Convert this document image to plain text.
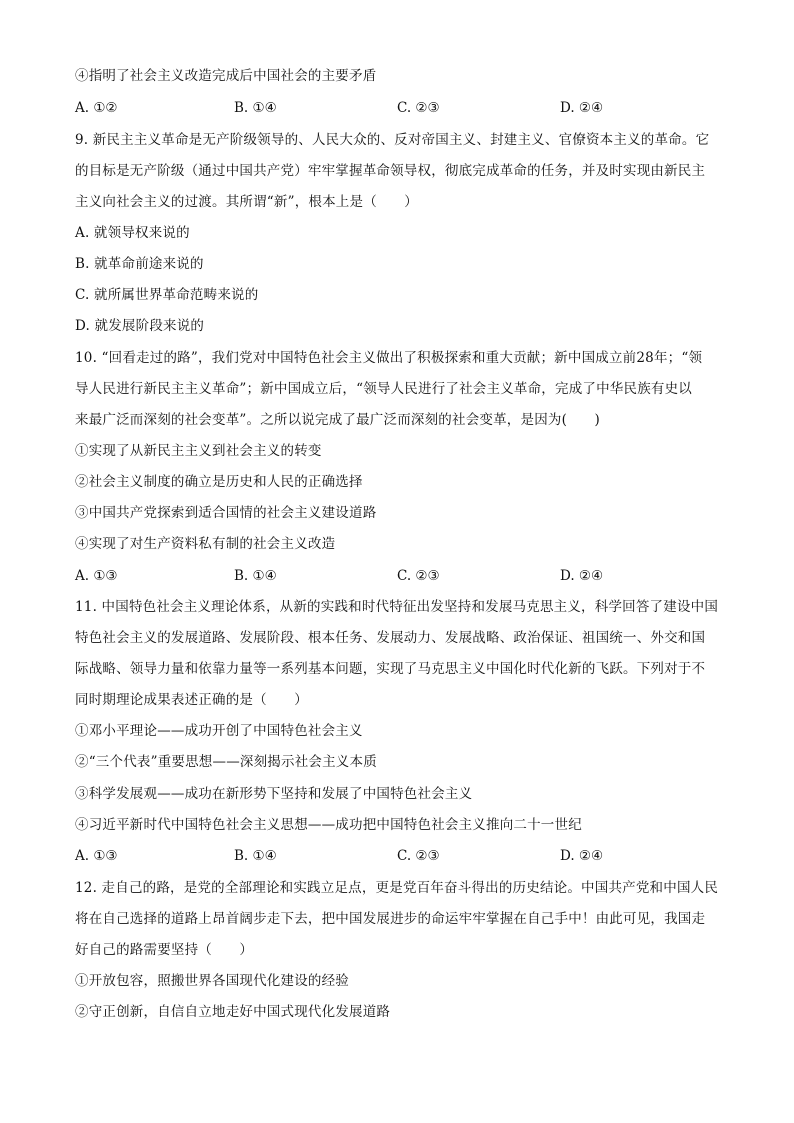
④指明了社会主义改造完成后中国社会的主要矛盾
A. ①②	B. ①④	C. ②③	D. ②④
9. 新民主主义革命是无产阶级领导的、人民大众的、反对帝国主义、封建主义、官僚资本主义的革命。它
的目标是无产阶级（通过中国共产党）牢牢掌握革命领导权，彻底完成革命的任务，并及时实现由新民主
主义向社会主义的过渡。其所谓“新”，根本上是（　　）
A. 就领导权来说的
B. 就革命前途来说的
C. 就所属世界革命范畴来说的
D. 就发展阶段来说的
10. “回看走过的路”，我们党对中国特色社会主义做出了积极探索和重大贡献；新中国成立前28年；“领
导人民进行新民主主义革命”；新中国成立后，“领导人民进行了社会主义革命，完成了中华民族有史以
来最广泛而深刻的社会变革”。之所以说完成了最广泛而深刻的社会变革，是因为(　　)
①实现了从新民主主义到社会主义的转变
②社会主义制度的确立是历史和人民的正确选择
③中国共产党探索到适合国情的社会主义建设道路
④实现了对生产资料私有制的社会主义改造
A. ①③	B. ①④	C. ②③	D. ②④
11. 中国特色社会主义理论体系，从新的实践和时代特征出发坚持和发展马克思主义，科学回答了建设中国
特色社会主义的发展道路、发展阶段、根本任务、发展动力、发展战略、政治保证、祖国统一、外交和国
际战略、领导力量和依靠力量等一系列基本问题，实现了马克思主义中国化时代化新的飞跃。下列对于不
同时期理论成果表述正确的是（　　）
①邓小平理论——成功开创了中国特色社会主义
②“三个代表”重要思想——深刻揭示社会主义本质
③科学发展观——成功在新形势下坚持和发展了中国特色社会主义
④习近平新时代中国特色社会主义思想——成功把中国特色社会主义推向二十一世纪
A. ①③	B. ①④	C. ②③	D. ②④
12. 走自己的路，是党的全部理论和实践立足点，更是党百年奋斗得出的历史结论。中国共产党和中国人民
将在自己选择的道路上昂首阔步走下去，把中国发展进步的命运牢牢掌握在自己手中！由此可见，我国走
好自己的路需要坚持（　　）
①开放包容，照搬世界各国现代化建设的经验
②守正创新，自信自立地走好中国式现代化发展道路
